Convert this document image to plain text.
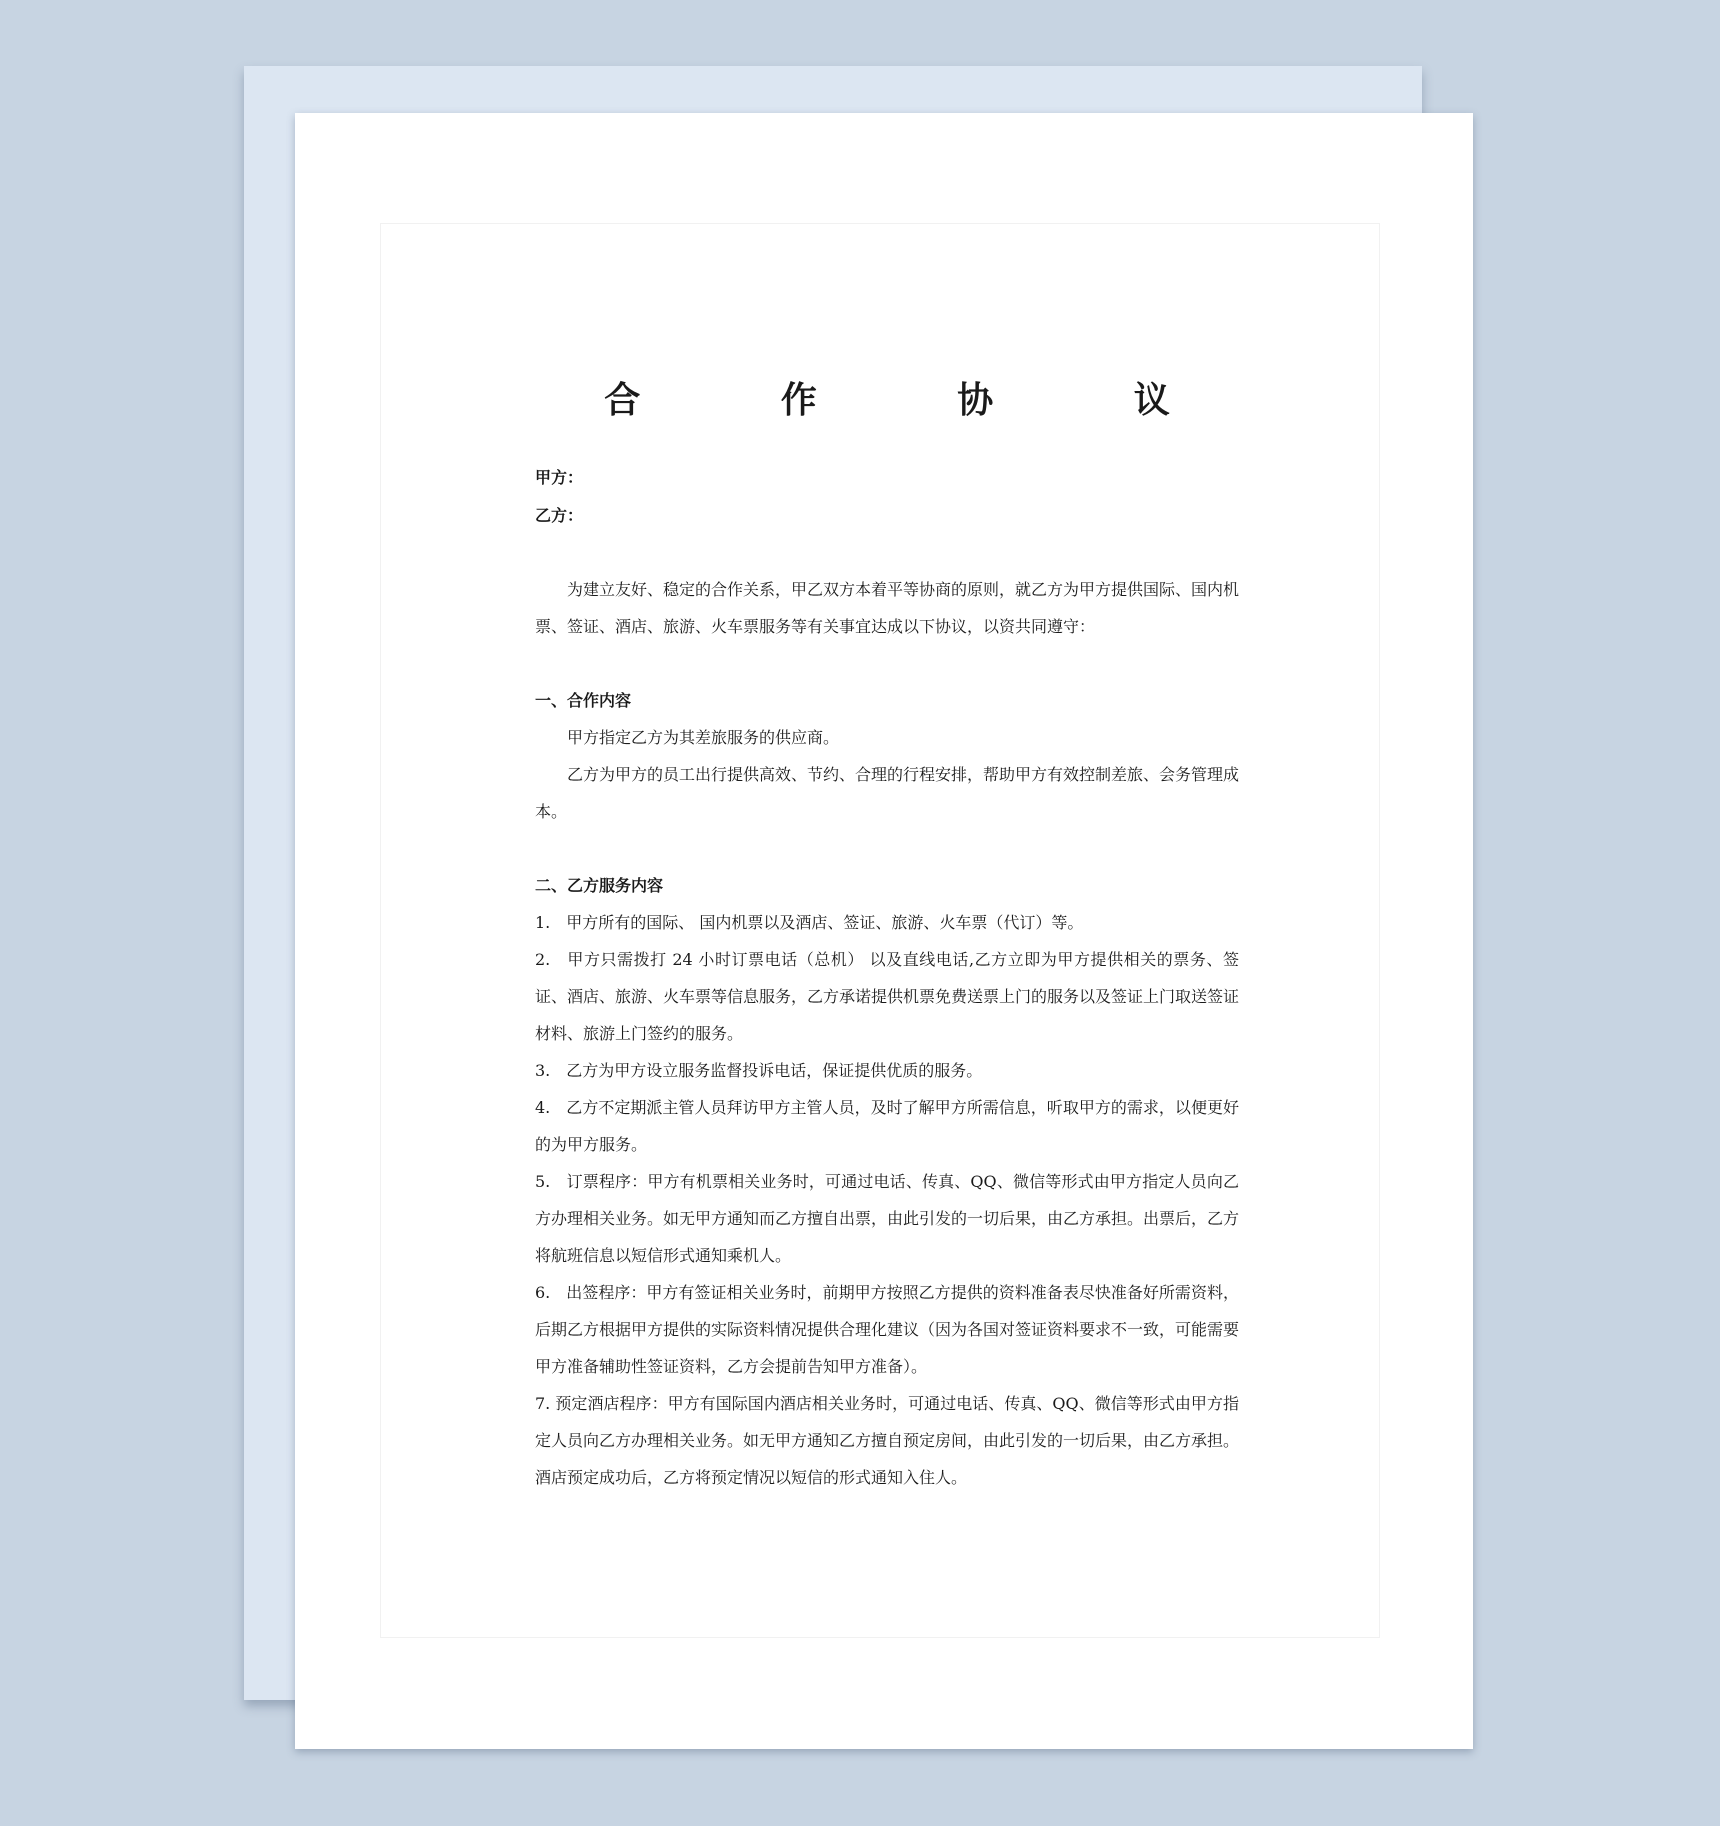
合 作 协 议
甲方：
乙方：

为建立友好、稳定的合作关系，甲乙双方本着平等协商的原则，就乙方为甲方提供国际、国内机票、签证、酒店、旅游、火车票服务等有关事宜达成以下协议，以资共同遵守：

一、合作内容

甲方指定乙方为其差旅服务的供应商。

乙方为甲方的员工出行提供高效、节约、合理的行程安排，帮助甲方有效控制差旅、会务管理成本。

二、乙方服务内容

1.　甲方所有的国际、 国内机票以及酒店、签证、旅游、火车票（代订）等。

2.　甲方只需拨打 24 小时订票电话（总机） 以及直线电话,乙方立即为甲方提供相关的票务、签证、酒店、旅游、火车票等信息服务，乙方承诺提供机票免费送票上门的服务以及签证上门取送签证材料、旅游上门签约的服务。

3.　乙方为甲方设立服务监督投诉电话，保证提供优质的服务。

4.　乙方不定期派主管人员拜访甲方主管人员，及时了解甲方所需信息，听取甲方的需求，以便更好的为甲方服务。

5.　订票程序：甲方有机票相关业务时，可通过电话、传真、QQ、微信等形式由甲方指定人员向乙方办理相关业务。如无甲方通知而乙方擅自出票，由此引发的一切后果，由乙方承担。出票后，乙方将航班信息以短信形式通知乘机人。

6.　出签程序：甲方有签证相关业务时，前期甲方按照乙方提供的资料准备表尽快准备好所需资料，后期乙方根据甲方提供的实际资料情况提供合理化建议（因为各国对签证资料要求不一致，可能需要甲方准备辅助性签证资料，乙方会提前告知甲方准备）。

7. 预定酒店程序：甲方有国际国内酒店相关业务时，可通过电话、传真、QQ、微信等形式由甲方指定人员向乙方办理相关业务。如无甲方通知乙方擅自预定房间，由此引发的一切后果，由乙方承担。酒店预定成功后，乙方将预定情况以短信的形式通知入住人。
